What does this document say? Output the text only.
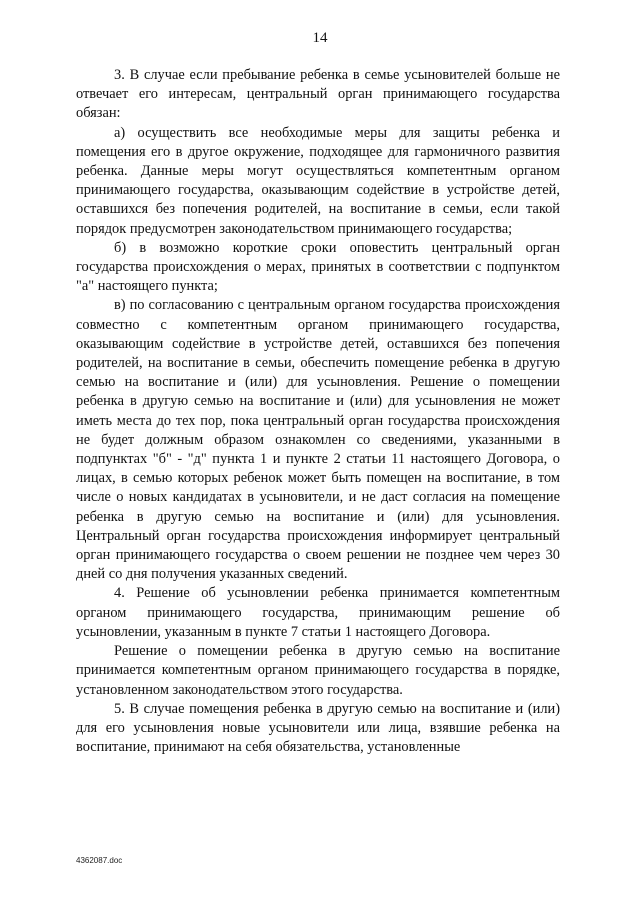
14

3. В случае если пребывание ребенка в семье усыновителей больше не отвечает его интересам, центральный орган принимающего государства обязан:

а) осуществить все необходимые меры для защиты ребенка и помещения его в другое окружение, подходящее для гармоничного развития ребенка. Данные меры могут осуществляться компетентным органом принимающего государства, оказывающим содействие в устройстве детей, оставшихся без попечения родителей, на воспитание в семьи, если такой порядок предусмотрен законодательством принимающего государства;

б) в возможно короткие сроки оповестить центральный орган государства происхождения о мерах, принятых в соответствии с подпунктом "а" настоящего пункта;

в) по согласованию с центральным органом государства происхождения совместно с компетентным органом принимающего государства, оказывающим содействие в устройстве детей, оставшихся без попечения родителей, на воспитание в семьи, обеспечить помещение ребенка в другую семью на воспитание и (или) для усыновления. Решение о помещении ребенка в другую семью на воспитание и (или) для усыновления не может иметь места до тех пор, пока центральный орган государства происхождения не будет должным образом ознакомлен со сведениями, указанными в подпунктах "б" - "д" пункта 1 и пункте 2 статьи 11 настоящего Договора, о лицах, в семью которых ребенок может быть помещен на воспитание, в том числе о новых кандидатах в усыновители, и не даст согласия на помещение ребенка в другую семью на воспитание и (или) для усыновления. Центральный орган государства происхождения информирует центральный орган принимающего государства о своем решении не позднее чем через 30 дней со дня получения указанных сведений.

4. Решение об усыновлении ребенка принимается компетентным органом принимающего государства, принимающим решение об усыновлении, указанным в пункте 7 статьи 1 настоящего Договора.

Решение о помещении ребенка в другую семью на воспитание принимается компетентным органом принимающего государства в порядке, установленном законодательством этого государства.

5. В случае помещения ребенка в другую семью на воспитание и (или) для его усыновления новые усыновители или лица, взявшие ребенка на воспитание, принимают на себя обязательства, установленные

4362087.doc
